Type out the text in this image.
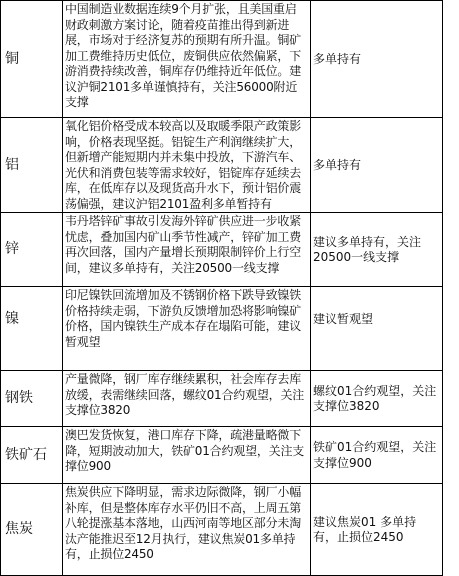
铜	中国制造业数据连续9个月扩张，且美国重启财政刺激方案讨论，随着疫苗推出得到新进展，市场对于经济复苏的预期有所升温。铜矿加工费维持历史低位，废铜供应依然偏紧，下游消费持续改善，铜库存仍维持近年低位。建议沪铜2101多单谨慎持有，关注56000附近支撑	多单持有	
铝	氧化铝价格受成本较高以及取暖季限产政策影响，价格表现坚挺。铝锭生产利润继续扩大，但新增产能短期内并未集中投放，下游汽车、光伏和消费包装等需求较好，铝锭库存延续去库，在低库存以及现货高升水下，预计铝价震荡偏强，建议沪铝2101盈利多单暂持有	多单持有	
锌	韦丹塔锌矿事故引发海外锌矿供应进一步收紧忧虑，叠加国内矿山季节性减产，锌矿加工费再次回落，国内产量增长预期限制锌价上行空间，建议多单持有，关注20500一线支撑	建议多单持有，关注20500一线支撑	
镍	印尼镍铁回流增加及不锈钢价格下跌导致镍铁价格持续走弱，下游负反馈增加恐将影响镍矿价格，国内镍铁生产成本存在塌陷可能，建议暂观望	建议暂观望	
钢铁	产量微降，钢厂库存继续累积，社会库存去库放缓，表需继续回落，螺纹01合约观望，关注支撑位3820	螺纹01合约观望，关注支撑位3820	
铁矿石	澳巴发货恢复，港口库存下降，疏港量略微下降，短期波动加大，铁矿01合约观望，关注支撑位900	铁矿01合约观望，关注支撑位900	
焦炭	焦炭供应下降明显，需求边际微降，钢厂小幅补库，但是整体库存水平仍旧不高，上周五第八轮提涨基本落地，山西河南等地区部分未淘汰产能推迟至12月执行，建议焦炭01多单持有，止损位2450	建议焦炭01 多单持有，止损位2450	
